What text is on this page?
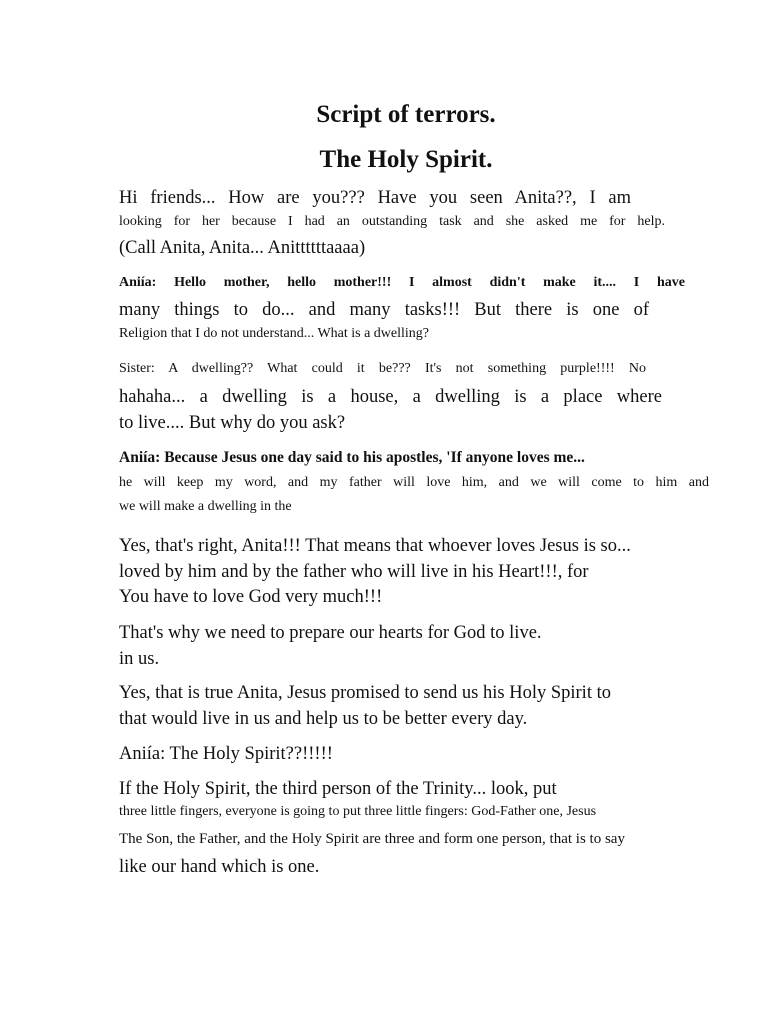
Script of terrors.
The Holy Spirit.
Hi friends... How are you??? Have you seen Anita??, I am
looking for her because I had an outstanding task and she asked me for help.
(Call Anita, Anita... Anittttttaaaa)
Aniía: Hello mother, hello mother!!! I almost didn't make it.... I have
many things to do... and many tasks!!! But there is one of
Religion that I do not understand... What is a dwelling?
Sister: A dwelling?? What could it be??? It's not something purple!!!! No
hahaha... a dwelling is a house, a dwelling is a place where
to live.... But why do you ask?
Aniía: Because Jesus one day said to his apostles, 'If anyone loves me...
he will keep my word, and my father will love him, and we will come to him and
we will make a dwelling in the
Yes, that's right, Anita!!! That means that whoever loves Jesus is so...
loved by him and by the father who will live in his Heart!!!, for
You have to love God very much!!!
That's why we need to prepare our hearts for God to live.
in us.
Yes, that is true Anita, Jesus promised to send us his Holy Spirit to
that would live in us and help us to be better every day.
Aniía: The Holy Spirit??!!!!!
If the Holy Spirit, the third person of the Trinity... look, put
three little fingers, everyone is going to put three little fingers: God-Father one, Jesus
The Son, the Father, and the Holy Spirit are three and form one person, that is to say
like our hand which is one.
